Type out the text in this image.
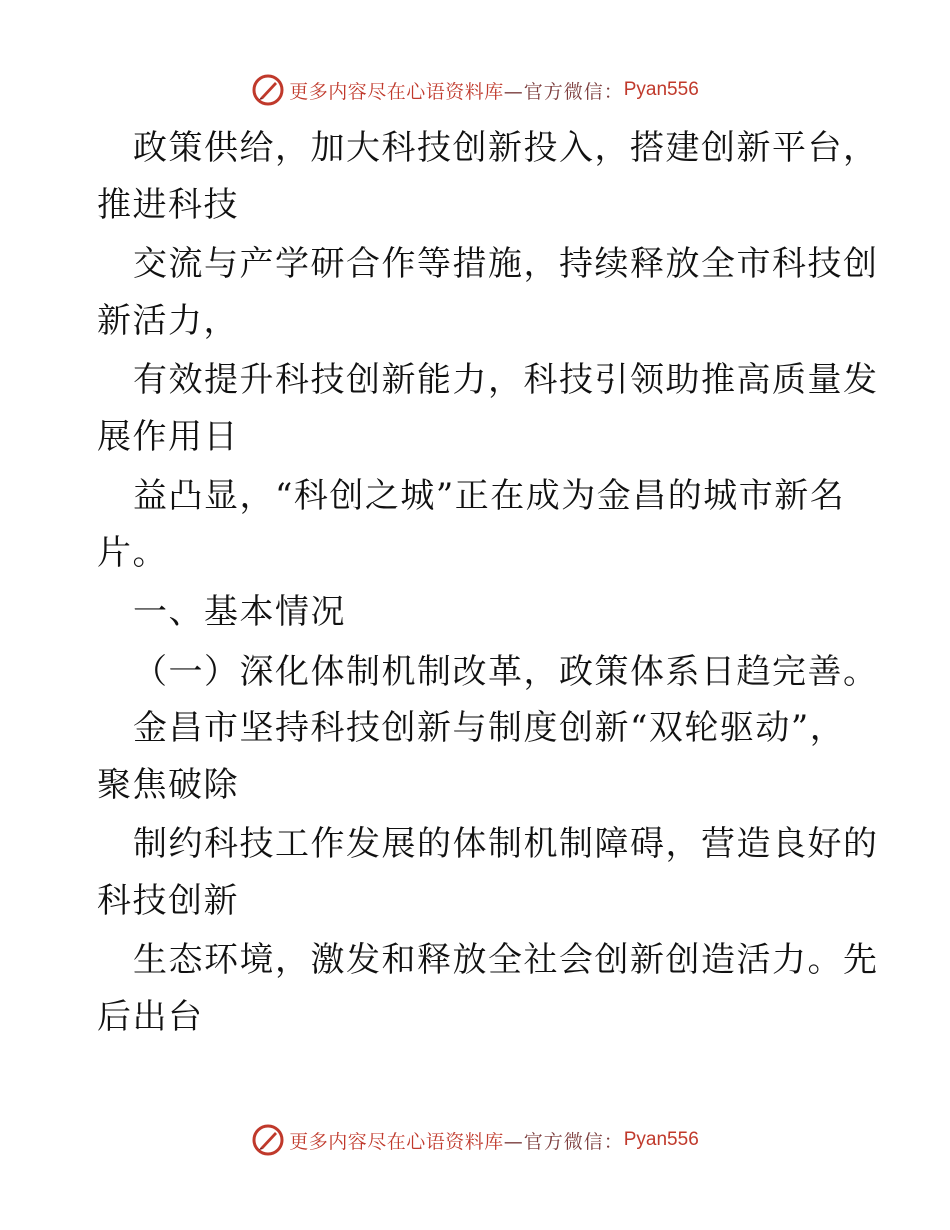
更多内容尽在心语资料库 —官方微信： Pyan556
政策供给，加大科技创新投入，搭建创新平台，
推进科技
交流与产学研合作等措施，持续释放全市科技创
新活力，
有效提升科技创新能力，科技引领助推高质量发
展作用日
益凸显，“科创之城”正在成为金昌的城市新名
片。
一、基本情况
（一）深化体制机制改革，政策体系日趋完善。
金昌市坚持科技创新与制度创新“双轮驱动”，
聚焦破除
制约科技工作发展的体制机制障碍，营造良好的
科技创新
生态环境，激发和释放全社会创新创造活力。先
后出台
更多内容尽在心语资料库 —官方微信： Pyan556
